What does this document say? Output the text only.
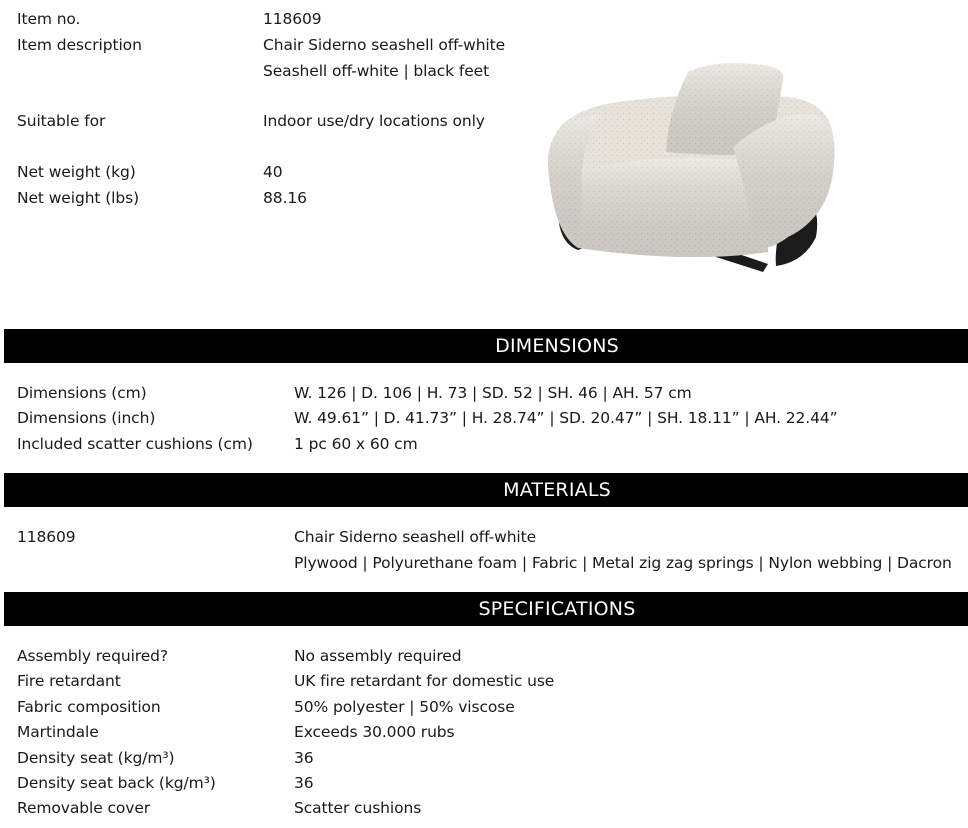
Item no.	118609
Item description	Chair Siderno seashell off-white
Seashell off-white | black feet
Suitable for	Indoor use/dry locations only
Net weight (kg)	40
Net weight (lbs)	88.16
DIMENSIONS
Dimensions (cm)	W. 126 | D. 106 | H. 73 | SD. 52 | SH. 46 | AH. 57 cm
Dimensions (inch)	W. 49.61” | D. 41.73” | H. 28.74” | SD. 20.47” | SH. 18.11” | AH. 22.44”
Included scatter cushions (cm)	1 pc 60 x 60 cm
MATERIALS
118609	Chair Siderno seashell off-white
Plywood | Polyurethane foam | Fabric | Metal zig zag springs | Nylon webbing | Dacron
SPECIFICATIONS
Assembly required?	No assembly required
Fire retardant	UK fire retardant for domestic use
Fabric composition	50% polyester | 50% viscose
Martindale	Exceeds 30.000 rubs
Density seat (kg/m³)	36
Density seat back (kg/m³)	36
Removable cover	Scatter cushions
